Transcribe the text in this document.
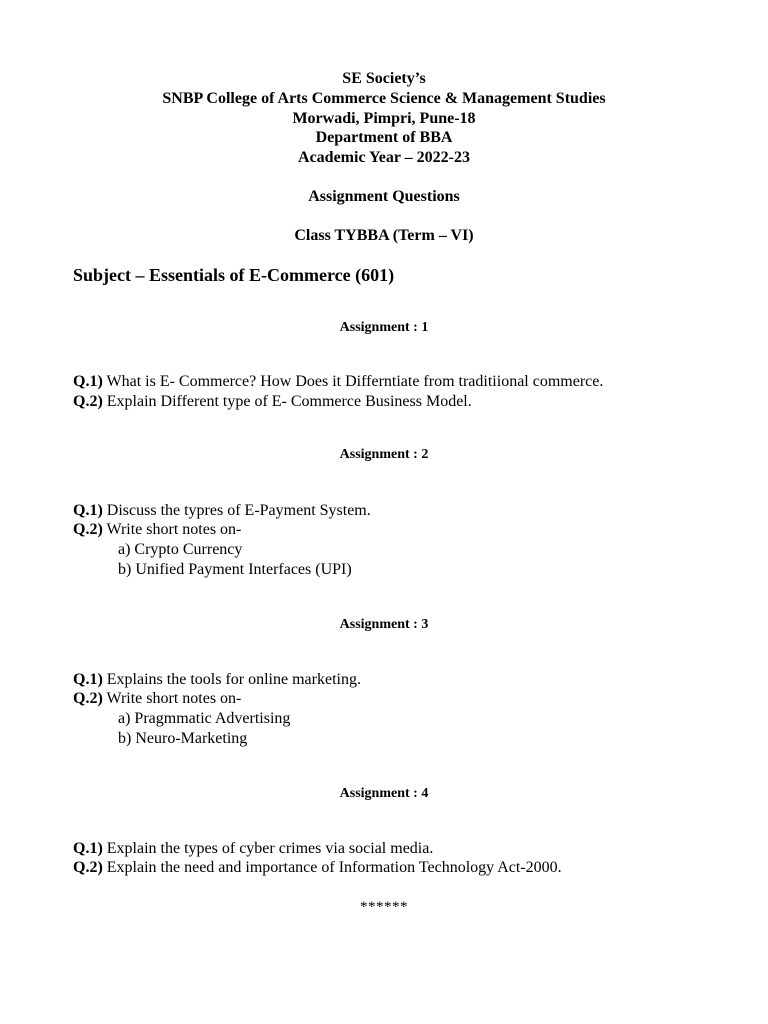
SE Society’s
SNBP College of Arts Commerce Science & Management Studies
Morwadi, Pimpri, Pune-18
Department of BBA
Academic Year – 2022-23
Assignment Questions
Class TYBBA (Term – VI)
Subject – Essentials of E-Commerce (601)
Assignment : 1
Q.1) What is E- Commerce? How Does it Differntiate from traditiional commerce.
Q.2) Explain Different type of E- Commerce Business Model.
Assignment : 2
Q.1) Discuss the typres of E-Payment System.
Q.2) Write short notes on-
a) Crypto Currency
b) Unified Payment Interfaces (UPI)
Assignment : 3
Q.1) Explains the tools for online marketing.
Q.2) Write short notes on-
a) Pragmmatic Advertising
b) Neuro-Marketing
Assignment : 4
Q.1) Explain the types of cyber crimes via social media.
Q.2) Explain the need and importance of Information Technology Act-2000.
******
